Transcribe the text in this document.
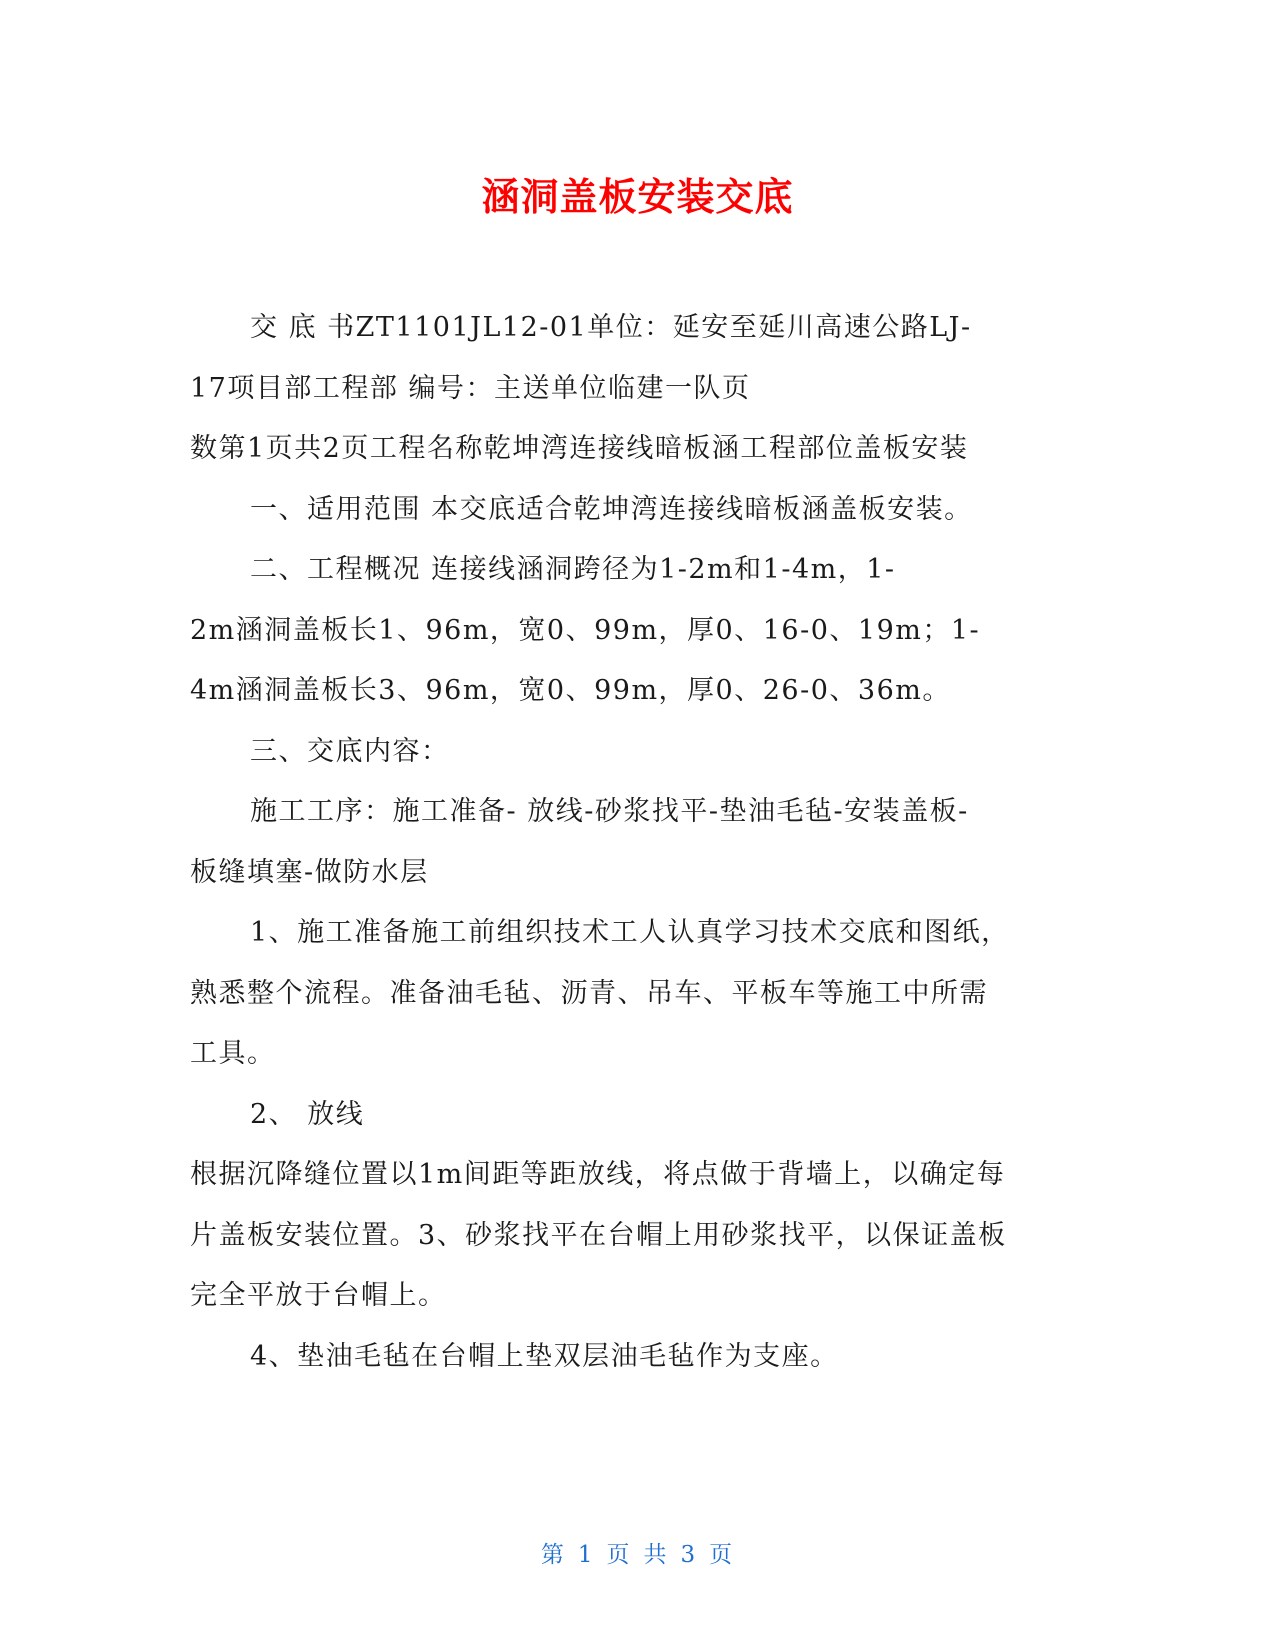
涵洞盖板安装交底
交 底 书ZT1101JL12-01单位：延安至延川高速公路LJ-
17项目部工程部 编号：主送单位临建一队页
数第1页共2页工程名称乾坤湾连接线暗板涵工程部位盖板安装
一、适用范围 本交底适合乾坤湾连接线暗板涵盖板安装。
二、工程概况 连接线涵洞跨径为1-2m和1-4m，1-
2m涵洞盖板长1、96m，宽0、99m，厚0、16-0、19m；1-
4m涵洞盖板长3、96m，宽0、99m，厚0、26-0、36m。
三、交底内容：
施工工序：施工准备- 放线-砂浆找平-垫油毛毡-安装盖板-
板缝填塞-做防水层
1、施工准备施工前组织技术工人认真学习技术交底和图纸，
熟悉整个流程。准备油毛毡、沥青、吊车、平板车等施工中所需
工具。
2、 放线
根据沉降缝位置以1m间距等距放线，将点做于背墙上，以确定每
片盖板安装位置。3、砂浆找平在台帽上用砂浆找平，以保证盖板
完全平放于台帽上。
4、垫油毛毡在台帽上垫双层油毛毡作为支座。
第 1 页 共 3 页
